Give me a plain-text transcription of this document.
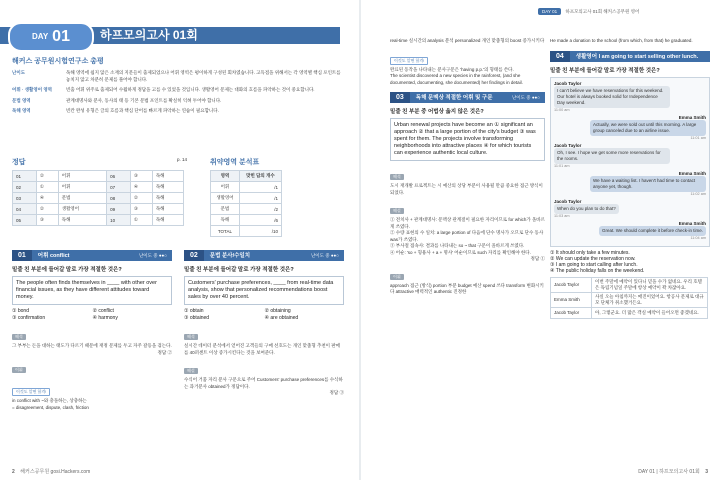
DAY 01	하프모의고사 01회
해커스 공무원시험연구소 총평
난이도	독해 영역에 쉽지 않은 소재의 지문들이 출제되었으나 어휘 영역은 평이하게 구성된 회차였습니다. 고득점을 위해서는 각 영역별 핵심 포인트를 놓치지 않고 차분히 문제를 풀어야 합니다.
어휘 · 생활영어 영역	빈출 어휘 위주로 출제되어 수월하게 정답을 고를 수 있었을 것입니다. 생활영어 문제는 대화의 흐름을 파악하는 것이 중요합니다.
문법 영역	관계대명사와 분사, 동사의 태 등 기본 문법 포인트를 확실히 익혀 두어야 합니다.
독해 영역	빈칸 완성 유형은 글의 흐름과 핵심 단어를 빠르게 파악하는 연습이 필요합니다.
정답	p. 14
01	②	어휘	06	③	독해
02	①	어휘	07	④	독해
03	④	문법	08	②	독해
04	②	생활영어	09	③	독해
05	③	독해	10	①	독해
취약영역 분석표
영역	맞힌 답의 개수
어휘	/1
생활영어	/1
문법	/2
독해	/6
TOTAL	/10
01 어휘 conflict	난이도 중 ●●○
밑줄 친 부분에 들어갈 말로 가장 적절한 것은?
The people often finds themselves in ____ with other over financial issues, as they have different attitudes toward money.
① bond	② conflict
③ confirmation	④ harmony
해석
그 부부는 돈을 대하는 태도가 다르기 때문에 재정 문제를 두고 자주 갈등을 겪는다.
정답 ②
어휘
이것도 알면 합격!
in conflict with ~와 충돌하는, 상충하는
= disagreement, dispute, clash, friction
02 문법 분사/수일치	난이도 중 ●●○
밑줄 친 부분에 들어갈 말로 가장 적절한 것은?
Customers' purchase preferences, ____ from real-time data analysis, show that personalized recommendations boost sales by over 40 percent.
① obtain	② obtaining
③ obtained	④ are obtained
해석
실시간 데이터 분석에서 얻어진 고객들의 구매 선호도는 개인 맞춤형 추천이 판매를 40퍼센트 이상 증가시킨다는 것을 보여준다.
해설
수식어 거품 자리 분사 구문으로 주어 Customers' purchase preferences를 수식하는 과거분사 obtained가 정답이다.
정답 ③
2 해커스공무원 gosi.Hackers.com
DAY 01 하프모의고사 01회 해커스공무원 영어
real-time 실시간의 analysis 분석 personalized 개인 맞춤형의 boost 증가시키다
이것도 알면 합격!
완료된 동작을 나타내는 분사구문은 'having p.p.'의 형태를 쓴다.
The scientist discovered a new species in the rainforest, (and she documented, documenting, she documented) her findings in detail.
03 독해 문맥상 적절한 어휘 및 구문	난이도 중 ●●○
밑줄 친 부분 중 어법상 옳지 않은 것은?
Urban renewal projects have become an ① significant an approach ② that a large portion of the city's budget ③ was spent for them. The projects involve transforming neighborhoods into attractive places ④ for which tourists can experience authentic local culture.
해석
도시 재개발 프로젝트는 시 예산의 상당 부분이 사용될 만큼 중요한 접근 방식이 되었다.
해설
① 전치사 + 관계대명사: 문맥상 관계절이 필요한 자리이므로 for which가 올바르게 쓰였다.
② 수량 표현의 수 일치: a large portion of 다음에 단수 명사가 오므로 단수 동사 was가 쓰였다.
③ 부사절 접속사: 결과를 나타내는 so ~ that 구문이 올바르게 쓰였다.
④ 어순: 'so + 형용사 + a + 명사' 어순이므로 such 자리를 확인해야 한다.
정답 ①
어휘
approach 접근 (방식) portion 부분 budget 예산 spend 쓰다 transform 변화시키다 attractive 매력적인 authentic 진정한
He made a donation to the school (from which, from that) he graduated.
04 생활영어 I am going to start selling other lunch.
밑줄 친 부분에 들어갈 말로 가장 적절한 것은?
Jacob Taylor
I can't believe we have reservations for this weekend. Our hotel is always booked solid for Independence Day weekend.
11:00 am
Emma Smith
Actually, we were sold out until this morning. A large group canceled due to an airline issue.
11:01 am
Jacob Taylor
Oh, I see. I hope we get some more reservations for the rooms.
11:01 am
Emma Smith
We have a waiting list. I haven't had time to contact anyone yet, though.
11:02 am
Jacob Taylor
When do you plan to do that?
11:03 am
Emma Smith
Great. We should complete it before check-in time.
11:04 am
① It should only take a few minutes.
② We can update the reservation now.
③ I am going to start calling after lunch.
④ The public holiday falls on the weekend.
Jacob Taylor	이번 주말에 예약이 있다니 믿을 수가 없네요. 우리 호텔은 독립기념일 주말에 항상 예약이 꽉 차잖아요.
Emma Smith	사실 오늘 아침까지는 매진이었어요. 항공사 문제로 대규모 단체가 취소했거든요.
Jacob Taylor	아, 그렇군요. 더 많은 객실 예약이 들어오면 좋겠네요.
DAY 01 | 하프모의고사 01회 3
